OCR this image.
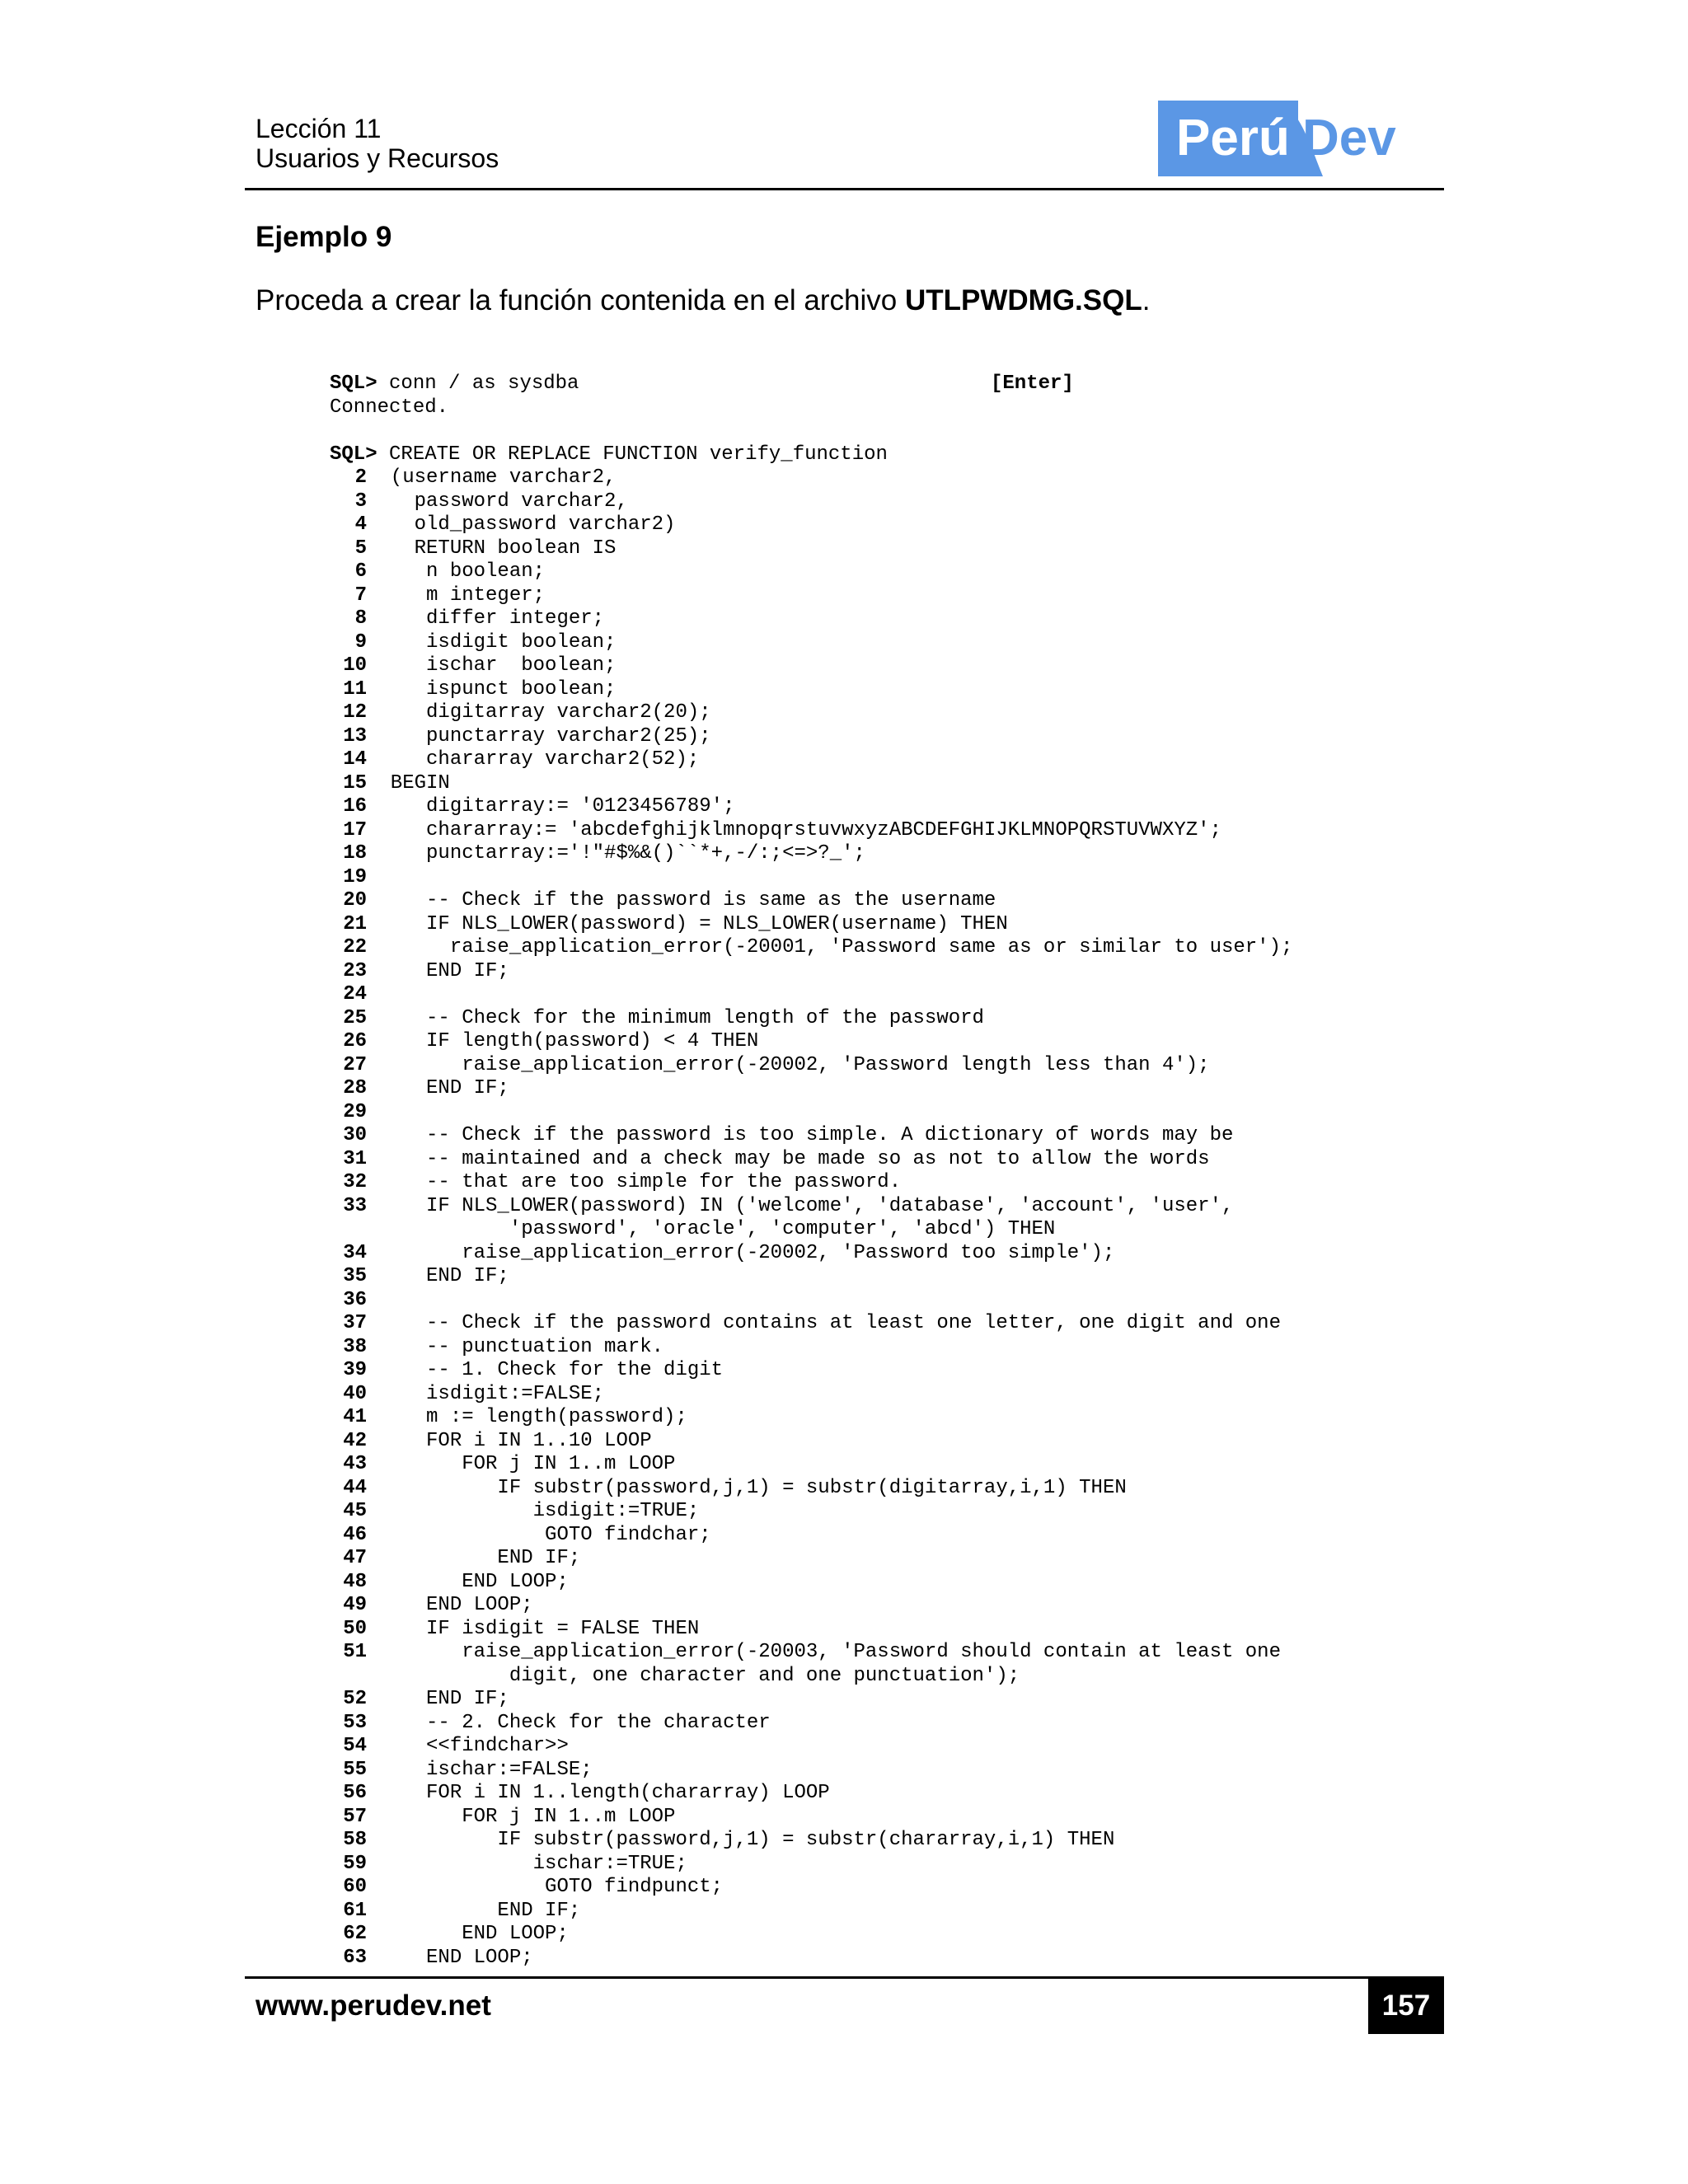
Lección 11
Usuarios y Recursos	Perú Dev
Ejemplo 9
Proceda a crear la función contenida en el archivo UTLPWDMG.SQL.
SQL> conn / as sysdba	[Enter]
Connected.
SQL> CREATE OR REPLACE FUNCTION verify_function
2  (username varchar2,
3    password varchar2,
4    old_password varchar2)
5    RETURN boolean IS
6     n boolean;
7     m integer;
8     differ integer;
9     isdigit boolean;
10     ischar  boolean;
11     ispunct boolean;
12     digitarray varchar2(20);
13     punctarray varchar2(25);
14     chararray varchar2(52);
15  BEGIN
16     digitarray:= '0123456789';
17     chararray:= 'abcdefghijklmnopqrstuvwxyzABCDEFGHIJKLMNOPQRSTUVWXYZ';
18     punctarray:='!"#$%&()``*+,-/:;<=>?_';
19
20     -- Check if the password is same as the username
21     IF NLS_LOWER(password) = NLS_LOWER(username) THEN
22       raise_application_error(-20001, 'Password same as or similar to user');
23     END IF;
24
25     -- Check for the minimum length of the password
26     IF length(password) < 4 THEN
27        raise_application_error(-20002, 'Password length less than 4');
28     END IF;
29
30     -- Check if the password is too simple. A dictionary of words may be
31     -- maintained and a check may be made so as not to allow the words
32     -- that are too simple for the password.
33     IF NLS_LOWER(password) IN ('welcome', 'database', 'account', 'user',
'password', 'oracle', 'computer', 'abcd') THEN
34        raise_application_error(-20002, 'Password too simple');
35     END IF;
36
37     -- Check if the password contains at least one letter, one digit and one
38     -- punctuation mark.
39     -- 1. Check for the digit
40     isdigit:=FALSE;
41     m := length(password);
42     FOR i IN 1..10 LOOP
43        FOR j IN 1..m LOOP
44           IF substr(password,j,1) = substr(digitarray,i,1) THEN
45              isdigit:=TRUE;
46               GOTO findchar;
47           END IF;
48        END LOOP;
49     END LOOP;
50     IF isdigit = FALSE THEN
51        raise_application_error(-20003, 'Password should contain at least one
digit, one character and one punctuation');
52     END IF;
53     -- 2. Check for the character
54     <<findchar>>
55     ischar:=FALSE;
56     FOR i IN 1..length(chararray) LOOP
57        FOR j IN 1..m LOOP
58           IF substr(password,j,1) = substr(chararray,i,1) THEN
59              ischar:=TRUE;
60               GOTO findpunct;
61           END IF;
62        END LOOP;
63     END LOOP;
www.perudev.net	157
